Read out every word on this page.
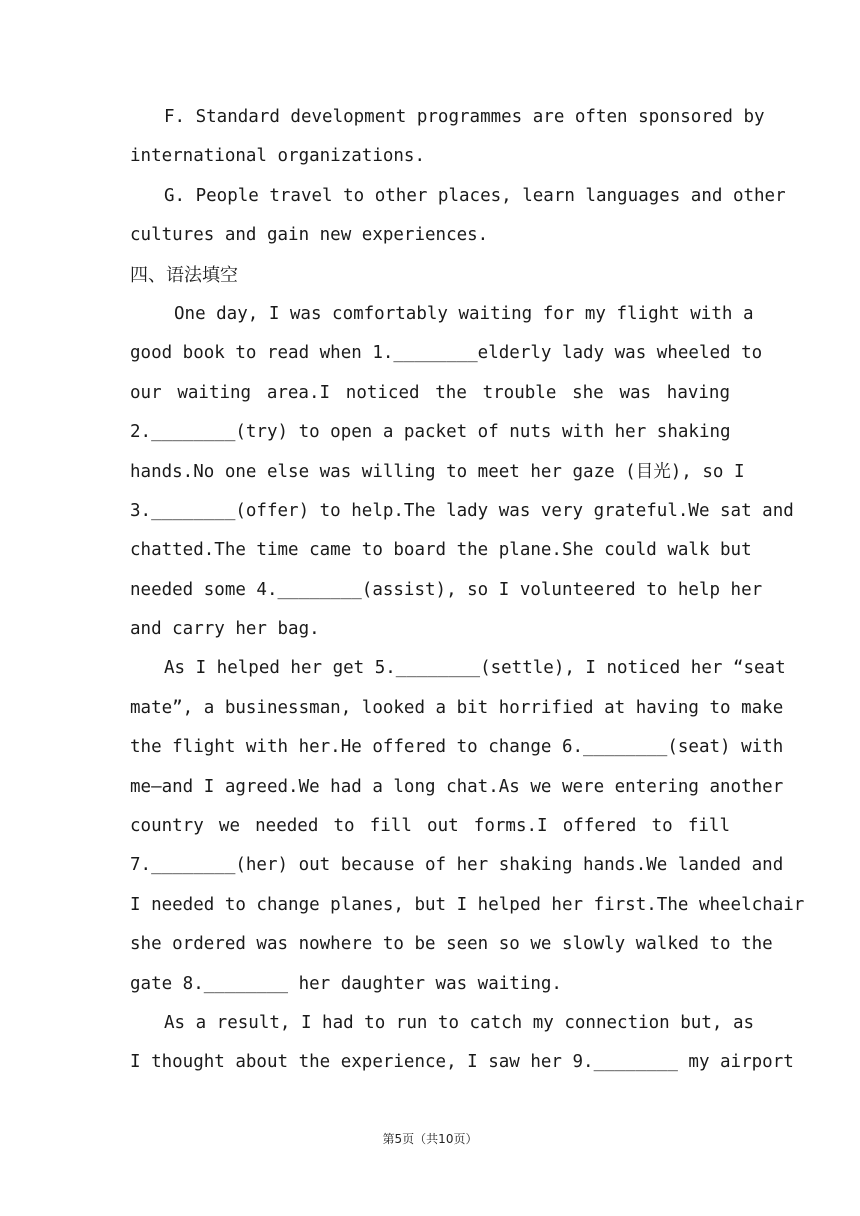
F. Standard development programmes are often sponsored by
international organizations.
G. People travel to other places, learn languages and other
cultures and gain new experiences.
四、语法填空
One day, I was comfortably waiting for my flight with a
good book to read when 1.________elderly lady was wheeled to
our waiting area.I noticed the trouble she was having
2.________(try) to open a packet of nuts with her shaking
hands.No one else was willing to meet her gaze (目光), so I
3.________(offer) to help.The lady was very grateful.We sat and
chatted.The time came to board the plane.She could walk but
needed some 4.________(assist), so I volunteered to help her
and carry her bag.
As I helped her get 5.________(settle), I noticed her “seat
mate”, a businessman, looked a bit horrified at having to make
the flight with her.He offered to change 6.________(seat) with
me—and I agreed.We had a long chat.As we were entering another
country we needed to fill out forms.I offered to fill
7.________(her) out because of her shaking hands.We landed and
I needed to change planes, but I helped her first.The wheelchair
she ordered was nowhere to be seen so we slowly walked to the
gate 8.________ her daughter was waiting.
As a result, I had to run to catch my connection but, as
I thought about the experience, I saw her 9.________ my airport
第5页（共10页）
